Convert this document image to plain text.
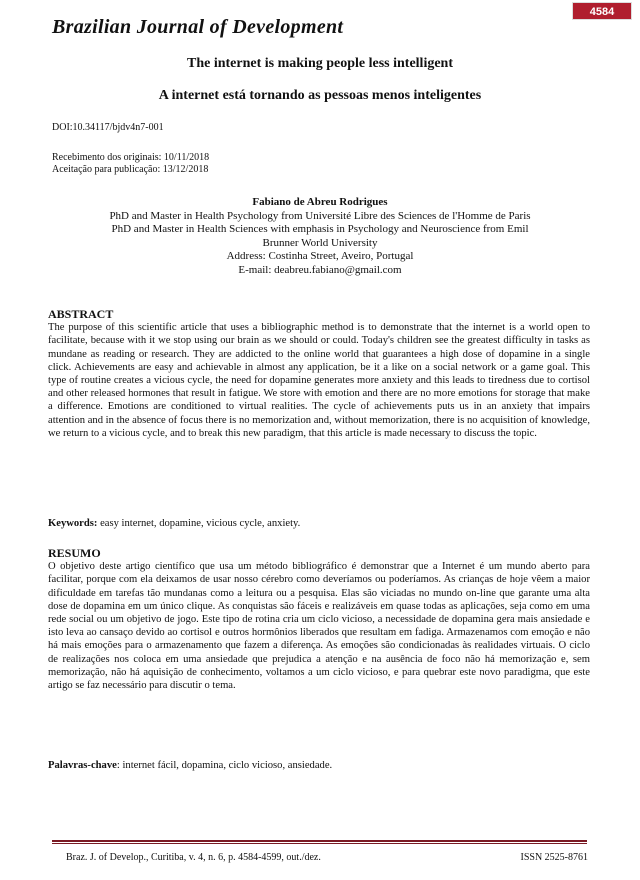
4584
Brazilian Journal of Development
The internet is making people less intelligent
A internet está tornando as pessoas menos inteligentes
DOI:10.34117/bjdv4n7-001
Recebimento dos originais: 10/11/2018
Aceitação para publicação: 13/12/2018
Fabiano de Abreu Rodrigues
PhD and Master in Health Psychology from Université Libre des Sciences de l'Homme de Paris
PhD and Master in Health Sciences with emphasis in Psychology and Neuroscience from Emil Brunner World University
Address: Costinha Street, Aveiro, Portugal
E-mail: deabreu.fabiano@gmail.com
ABSTRACT

The purpose of this scientific article that uses a bibliographic method is to demonstrate that the internet is a world open to facilitate, because with it we stop using our brain as we should or could. Today's children see the greatest difficulty in tasks as mundane as reading or research. They are addicted to the online world that guarantees a high dose of dopamine in a single click. Achievements are easy and achievable in almost any application, be it a like on a social network or a game goal. This type of routine creates a vicious cycle, the need for dopamine generates more anxiety and this leads to tiredness due to cortisol and other released hormones that result in fatigue. We store with emotion and there are no more emotions for storage that make a difference. Emotions are conditioned to virtual realities. The cycle of achievements puts us in an anxiety that impairs attention and in the absence of focus there is no memorization and, without memorization, there is no acquisition of knowledge, we return to a vicious cycle, and to break this new paradigm, that this article is made necessary to discuss the topic.

Keywords: easy internet, dopamine, vicious cycle, anxiety.
RESUMO

O objetivo deste artigo científico que usa um método bibliográfico é demonstrar que a Internet é um mundo aberto para facilitar, porque com ela deixamos de usar nosso cérebro como deveríamos ou poderíamos. As crianças de hoje vêem a maior dificuldade em tarefas tão mundanas como a leitura ou a pesquisa. Elas são viciadas no mundo on-line que garante uma alta dose de dopamina em um único clique. As conquistas são fáceis e realizáveis em quase todas as aplicações, seja como em uma rede social ou um objetivo de jogo. Este tipo de rotina cria um ciclo vicioso, a necessidade de dopamina gera mais ansiedade e isto leva ao cansaço devido ao cortisol e outros hormônios liberados que resultam em fadiga. Armazenamos com emoção e não há mais emoções para o armazenamento que fazem a diferença. As emoções são condicionadas às realidades virtuais. O ciclo de realizações nos coloca em uma ansiedade que prejudica a atenção e na ausência de foco não há memorização e, sem memorização, não há aquisição de conhecimento, voltamos a um ciclo vicioso, e para quebrar este novo paradigma, que este artigo se faz necessário para discutir o tema.

Palavras-chave: internet fácil, dopamina, ciclo vicioso, ansiedade.
Braz. J. of Develop., Curitiba, v. 4, n. 6, p. 4584-4599, out./dez.	ISSN 2525-8761
